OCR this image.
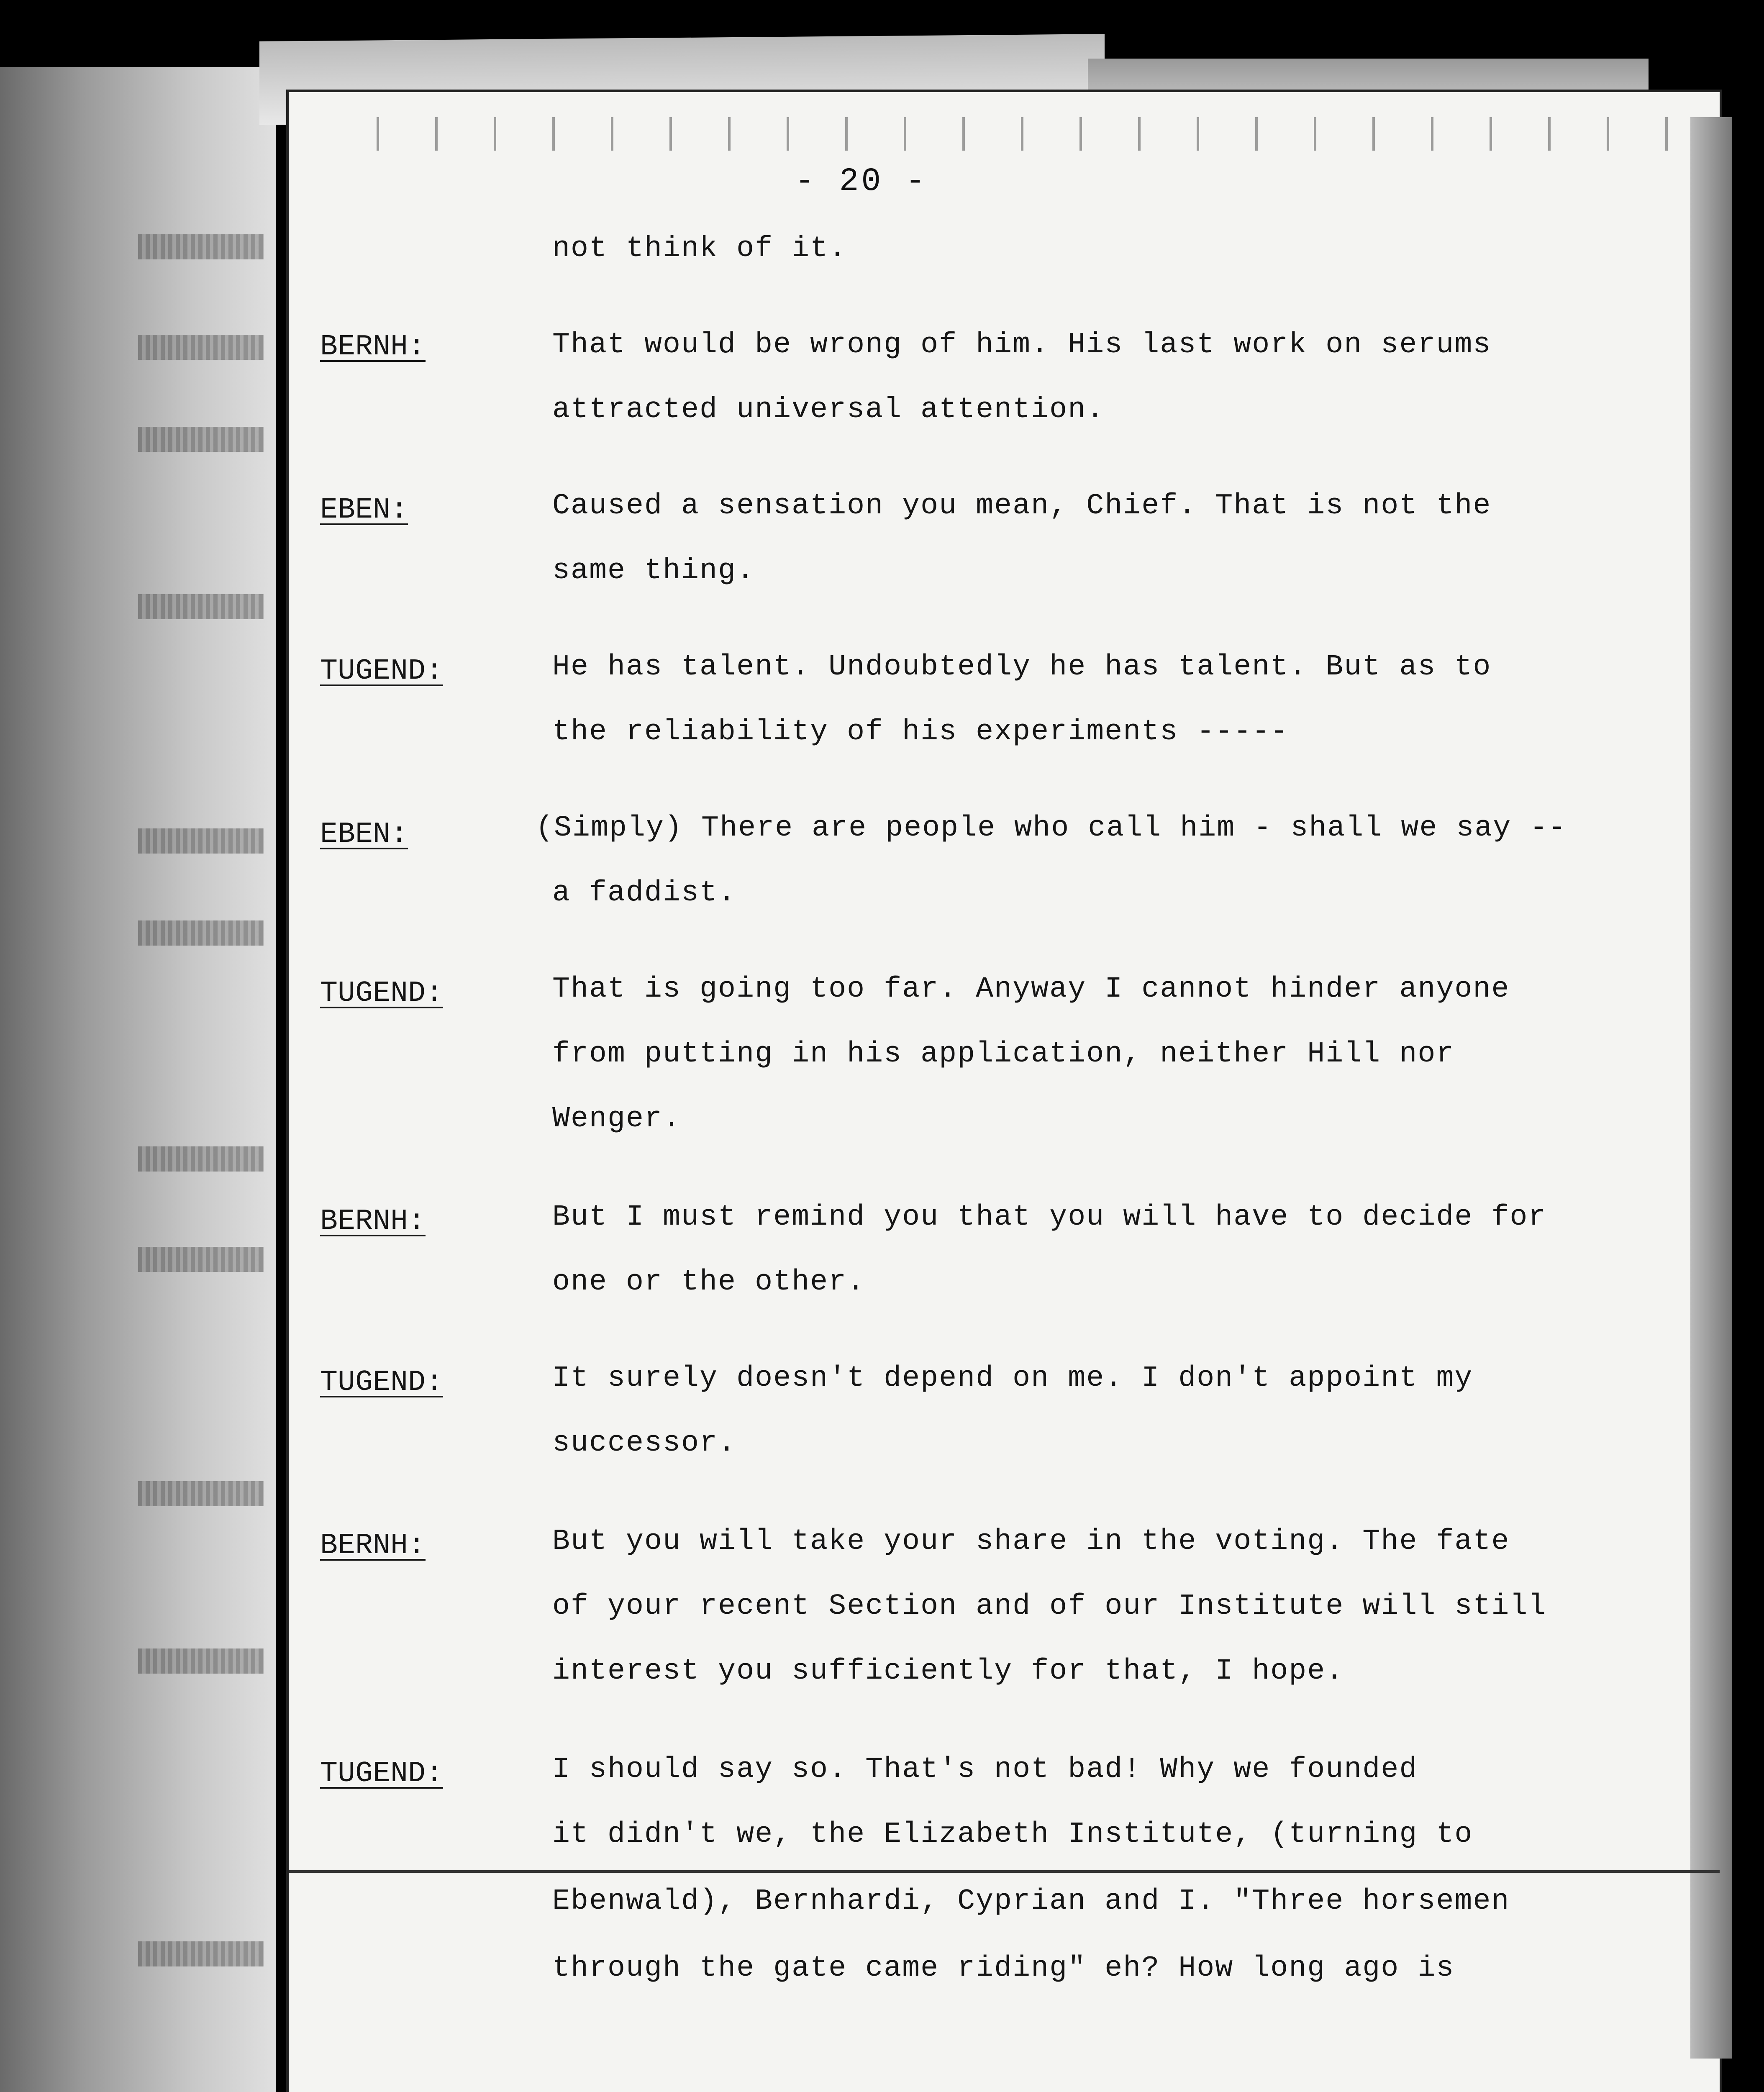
- 20 -
not think of it.
BERNH:	That would be wrong of him. His last work on serums
attracted universal attention.
EBEN:	Caused a sensation you mean, Chief. That is not the
same thing.
TUGEND:	He has talent. Undoubtedly he has talent. But as to
the reliability of his experiments -----
EBEN:	(Simply) There are people who call him - shall we say --
a faddist.
TUGEND:	That is going too far. Anyway I cannot hinder anyone
from putting in his application, neither Hill nor
Wenger.
BERNH:	But I must remind you that you will have to decide for
one or the other.
TUGEND:	It surely doesn't depend on me. I don't appoint my
successor.
BERNH:	But you will take your share in the voting. The fate
of your recent Section and of our Institute will still
interest you sufficiently for that, I hope.
TUGEND:	I should say so. That's not bad! Why we founded
it didn't we, the Elizabeth Institute, (turning to
Ebenwald), Bernhardi, Cyprian and I. "Three horsemen
through the gate came riding" eh? How long ago is
